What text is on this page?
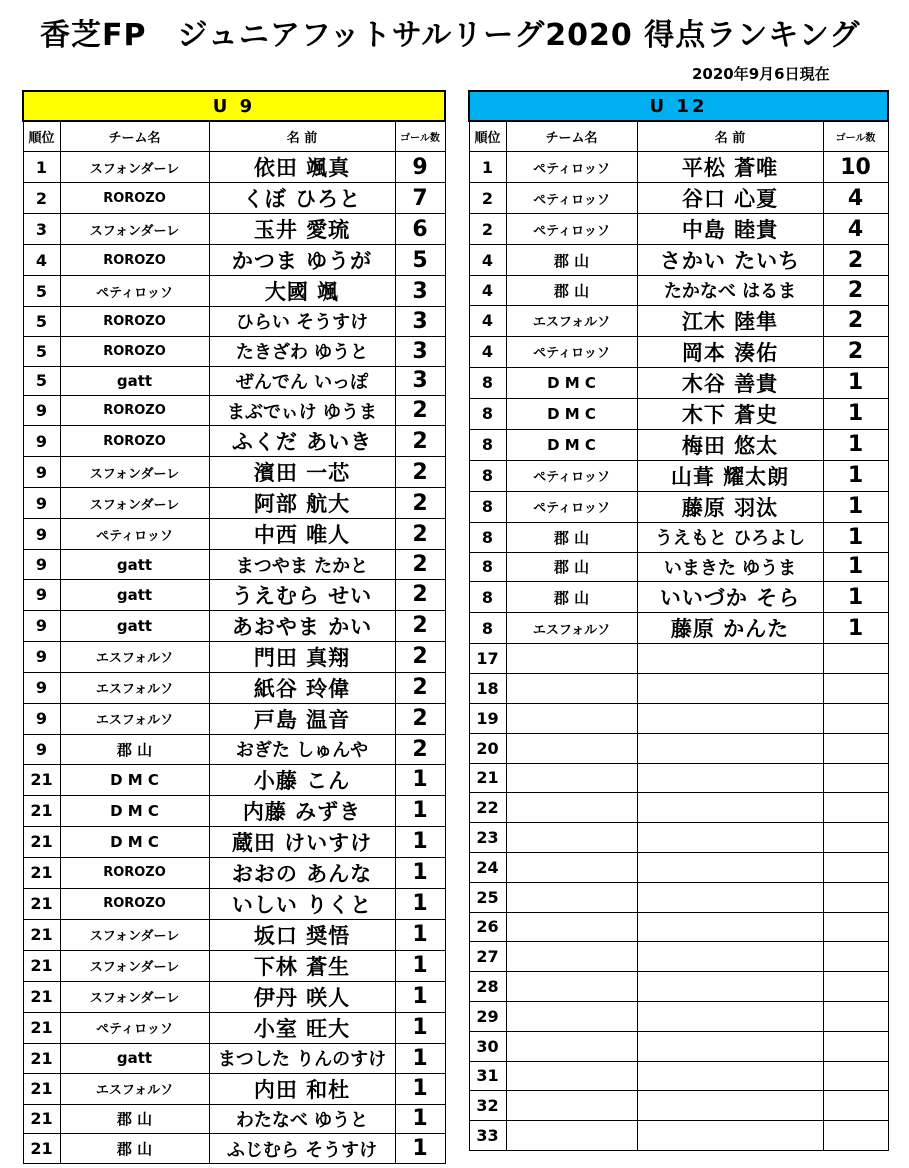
香芝FP　ジュニアフットサルリーグ2020 得点ランキング
2020年9月6日現在
U 9			
順位	チーム名	名 前	ゴール数
1	スフォンダーレ	依田 颯真	9
2	ROROZO	くぼ ひろと	7
3	スフォンダーレ	玉井 愛琉	6
4	ROROZO	かつま ゆうが	5
5	ペティロッソ	大國 颯	3
5	ROROZO	ひらい そうすけ	3
5	ROROZO	たきざわ ゆうと	3
5	gatt	ぜんでん いっぽ	3
9	ROROZO	まぶでぃけ ゆうま	2
9	ROROZO	ふくだ あいき	2
9	スフォンダーレ	濱田 一芯	2
9	スフォンダーレ	阿部 航大	2
9	ペティロッソ	中西 唯人	2
9	gatt	まつやま たかと	2
9	gatt	うえむら せい	2
9	gatt	あおやま かい	2
9	エスフォルソ	門田 真翔	2
9	エスフォルソ	紙谷 玲偉	2
9	エスフォルソ	戸島 温音	2
9	郡 山	おぎた しゅんや	2
21	D M C	小藤 こん	1
21	D M C	内藤 みずき	1
21	D M C	蔵田 けいすけ	1
21	ROROZO	おおの あんな	1
21	ROROZO	いしい りくと	1
21	スフォンダーレ	坂口 奨悟	1
21	スフォンダーレ	下林 蒼生	1
21	スフォンダーレ	伊丹 咲人	1
21	ペティロッソ	小室 旺大	1
21	gatt	まつした りんのすけ	1
21	エスフォルソ	内田 和杜	1
21	郡 山	わたなべ ゆうと	1
21	郡 山	ふじむら そうすけ	1
U 12			
順位	チーム名	名 前	ゴール数
1	ペティロッソ	平松 蒼唯	10
2	ペティロッソ	谷口 心夏	4
2	ペティロッソ	中島 睦貴	4
4	郡 山	さかい たいち	2
4	郡 山	たかなべ はるま	2
4	エスフォルソ	江木 陸隼	2
4	ペティロッソ	岡本 湊佑	2
8	D M C	木谷 善貴	1
8	D M C	木下 蒼史	1
8	D M C	梅田 悠太	1
8	ペティロッソ	山葺 耀太朗	1
8	ペティロッソ	藤原 羽汰	1
8	郡 山	うえもと ひろよし	1
8	郡 山	いまきた ゆうま	1
8	郡 山	いいづか そら	1
8	エスフォルソ	藤原 かんた	1
17			
18			
19			
20			
21			
22			
23			
24			
25			
26			
27			
28			
29			
30			
31			
32			
33			
